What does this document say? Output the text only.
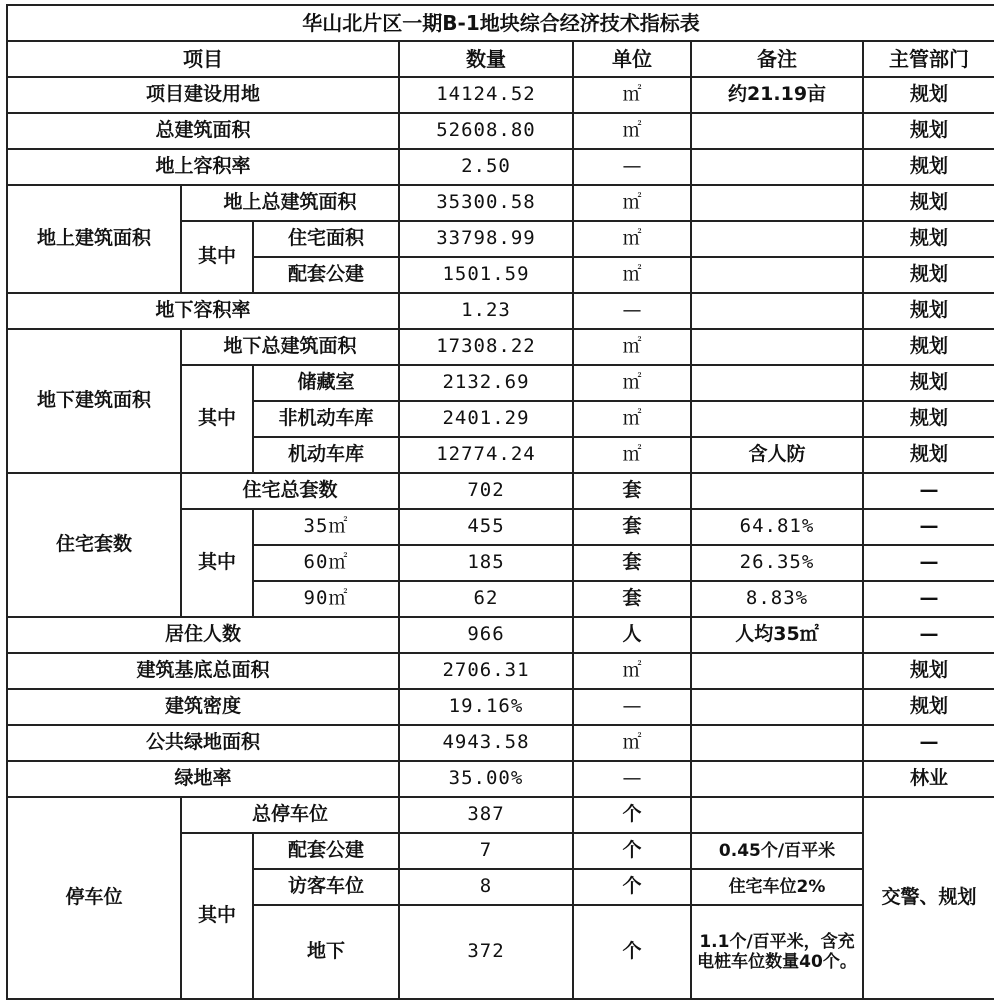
华山北片区一期B-1地块综合经济技术指标表						
项目			数量	单位	备注	主管部门
项目建设用地			14124.52	㎡	约21.19亩	规划
总建筑面积			52608.80	㎡		规划
地上容积率			2.50	—		规划
地上建筑面积	地上总建筑面积		35300.58	㎡		规划
	其中	住宅面积	33798.99	㎡		规划
		配套公建	1501.59	㎡		规划
地下容积率			1.23	—		规划
地下建筑面积	地下总建筑面积		17308.22	㎡		规划
	其中	储藏室	2132.69	㎡		规划
		非机动车库	2401.29	㎡		规划
		机动车库	12774.24	㎡	含人防	规划
住宅套数	住宅总套数		702	套		—
	其中	35㎡	455	套	64.81%	—
		60㎡	185	套	26.35%	—
		90㎡	62	套	8.83%	—
居住人数			966	人	人均35㎡	—
建筑基底总面积			2706.31	㎡		规划
建筑密度			19.16%	—		规划
公共绿地面积			4943.58	㎡		—
绿地率			35.00%	—		林业
停车位	总停车位		387	个		交警、规划
	其中	配套公建	7	个	0.45个/百平米	
		访客车位	8	个	住宅车位2%	
		地下	372	个	1.1个/百平米，含充电桩车位数量40个。	
